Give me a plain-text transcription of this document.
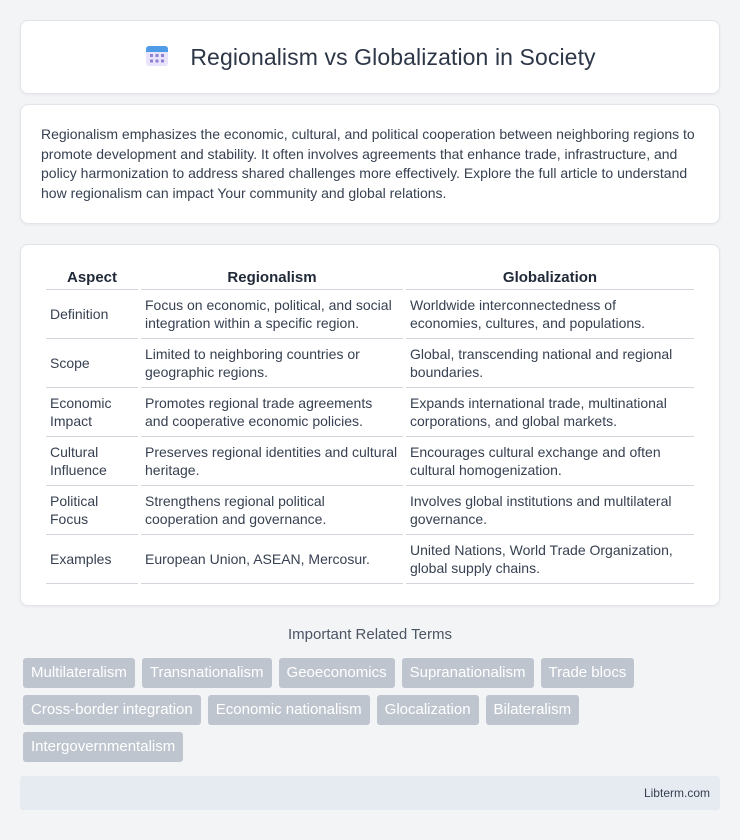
Regionalism vs Globalization in Society

Regionalism emphasizes the economic, cultural, and political cooperation between neighboring regions to promote development and stability. It often involves agreements that enhance trade, infrastructure, and policy harmonization to address shared challenges more effectively. Explore the full article to understand how regionalism can impact Your community and global relations.

Aspect	Regionalism	Globalization
Definition	Focus on economic, political, and social integration within a specific region.	Worldwide interconnectedness of economies, cultures, and populations.
Scope	Limited to neighboring countries or geographic regions.	Global, transcending national and regional boundaries.
Economic Impact	Promotes regional trade agreements and cooperative economic policies.	Expands international trade, multinational corporations, and global markets.
Cultural Influence	Preserves regional identities and cultural heritage.	Encourages cultural exchange and often cultural homogenization.
Political Focus	Strengthens regional political cooperation and governance.	Involves global institutions and multilateral governance.
Examples	European Union, ASEAN, Mercosur.	United Nations, World Trade Organization, global supply chains.
Important Related Terms
Multilateralism	Transnationalism	Geoeconomics	Supranationalism	Trade blocs
Cross-border integration	Economic nationalism	Glocalization	Bilateralism
Intergovernmentalism
Libterm.com
